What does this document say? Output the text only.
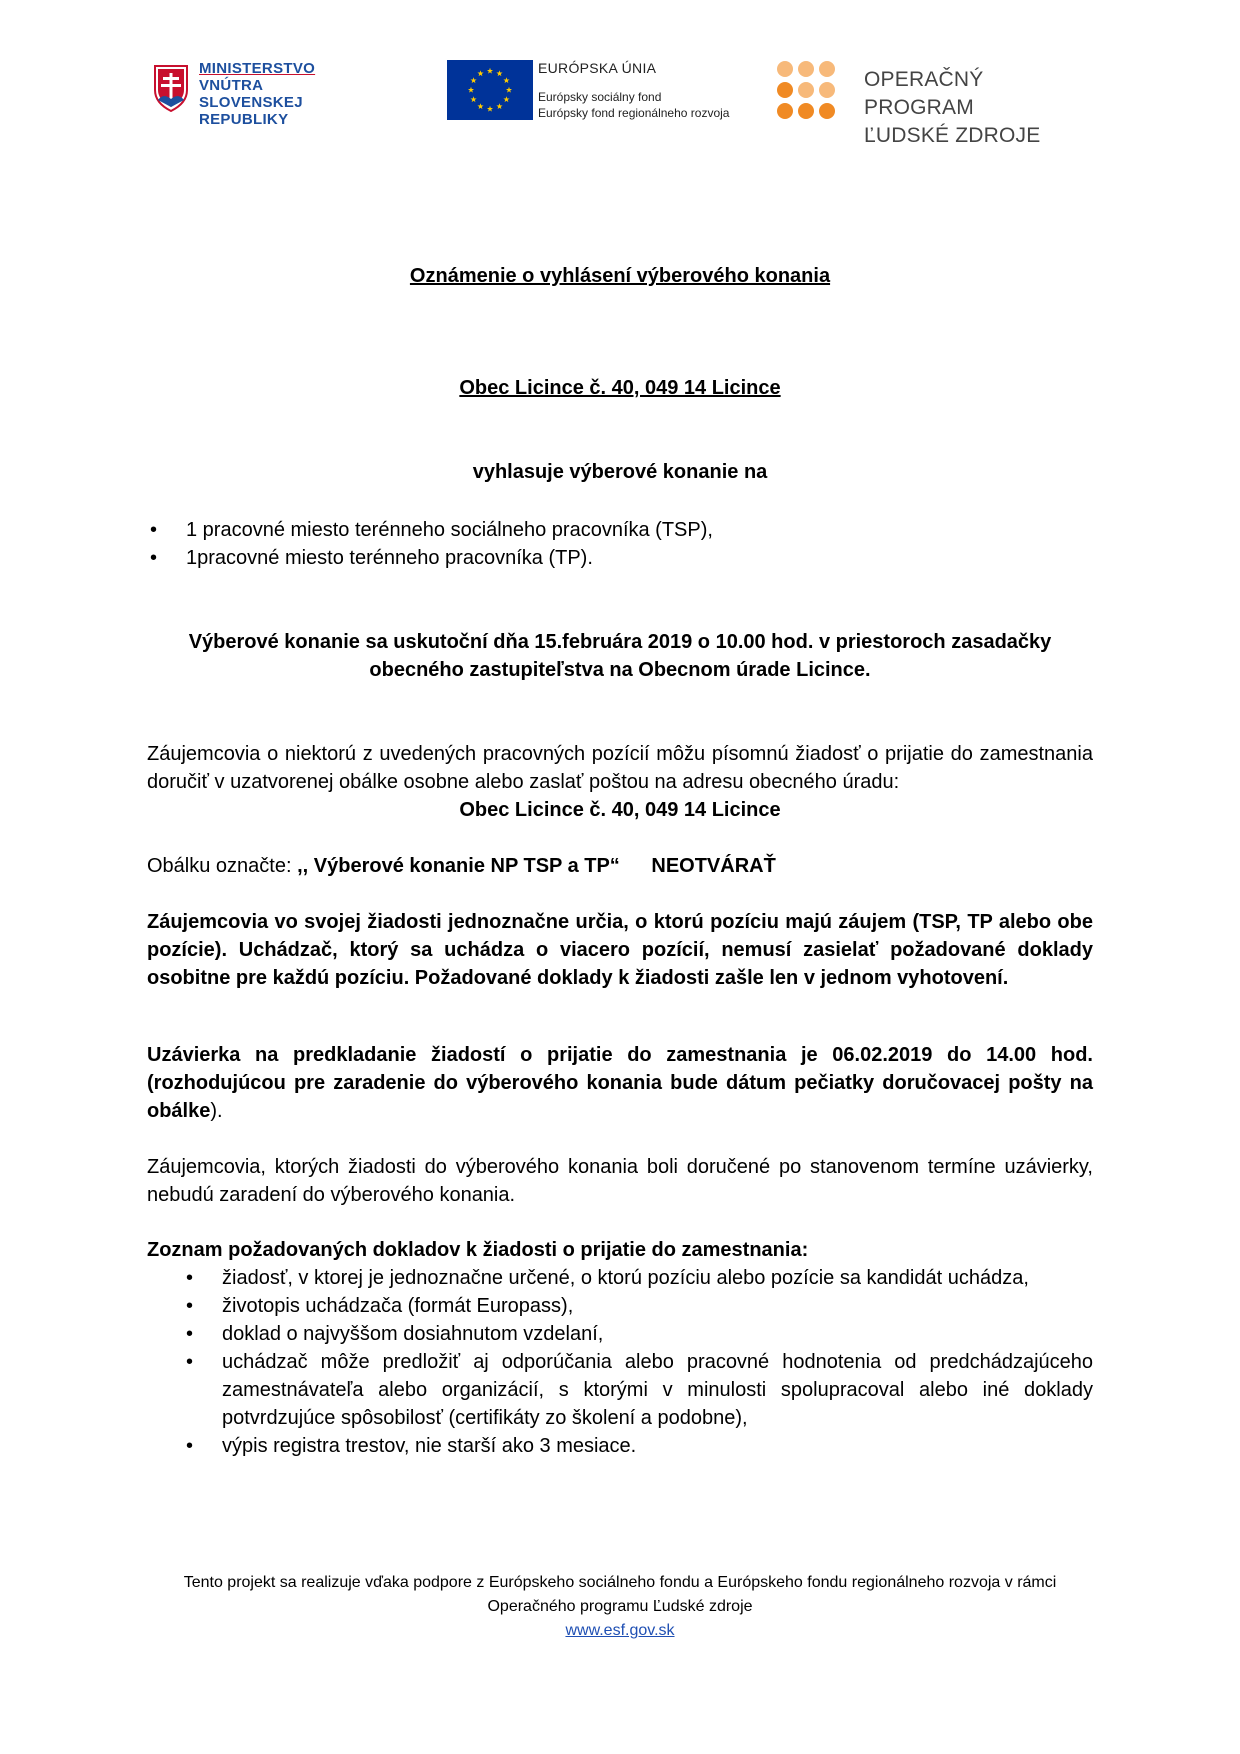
MINISTERSTVO
VNÚTRA
SLOVENSKEJ REPUBLIKY
EURÓPSKA ÚNIA
Európsky sociálny fond
Európsky fond regionálneho rozvoja
OPERAČNÝ PROGRAM
ĽUDSKÉ ZDROJE
Oznámenie o vyhlásení výberového konania
Obec Licince č. 40, 049 14 Licince
vyhlasuje výberové konanie na
• 1 pracovné miesto terénneho sociálneho pracovníka (TSP),
• 1pracovné miesto terénneho pracovníka (TP).
Výberové konanie sa uskutoční dňa 15.februára 2019 o 10.00 hod. v priestoroch zasadačky
obecného zastupiteľstva na Obecnom úrade Licince.
Záujemcovia o niektorú z uvedených pracovných pozícií môžu písomnú žiadosť o prijatie do zamestnania doručiť v uzatvorenej obálke osobne alebo zaslať poštou na adresu obecného úradu:
Obec Licince č. 40, 049 14 Licince
Obálku označte: ,, Výberové konanie NP TSP a TP“ NEOTVÁRAŤ
Záujemcovia vo svojej žiadosti jednoznačne určia, o ktorú pozíciu majú záujem (TSP, TP alebo obe pozície). Uchádzač, ktorý sa uchádza o viacero pozícií, nemusí zasielať požadované doklady osobitne pre každú pozíciu. Požadované doklady k žiadosti zašle len v jednom vyhotovení.
Uzávierka na predkladanie žiadostí o prijatie do zamestnania je 06.02.2019 do 14.00 hod. (rozhodujúcou pre zaradenie do výberového konania bude dátum pečiatky doručovacej pošty na obálke).
Záujemcovia, ktorých žiadosti do výberového konania boli doručené po stanovenom termíne uzávierky, nebudú zaradení do výberového konania.
Zoznam požadovaných dokladov k žiadosti o prijatie do zamestnania:
• žiadosť, v ktorej je jednoznačne určené, o ktorú pozíciu alebo pozície sa kandidát uchádza,
• životopis uchádzača (formát Europass),
• doklad o najvyššom dosiahnutom vzdelaní,
• uchádzač môže predložiť aj odporúčania alebo pracovné hodnotenia od predchádzajúceho zamestnávateľa alebo organizácií, s ktorými v minulosti spolupracoval alebo iné doklady potvrdzujúce spôsobilosť (certifikáty zo školení a podobne),
• výpis registra trestov, nie starší ako 3 mesiace.
Tento projekt sa realizuje vďaka podpore z Európskeho sociálneho fondu a Európskeho fondu regionálneho rozvoja v rámci
Operačného programu Ľudské zdroje
www.esf.gov.sk
